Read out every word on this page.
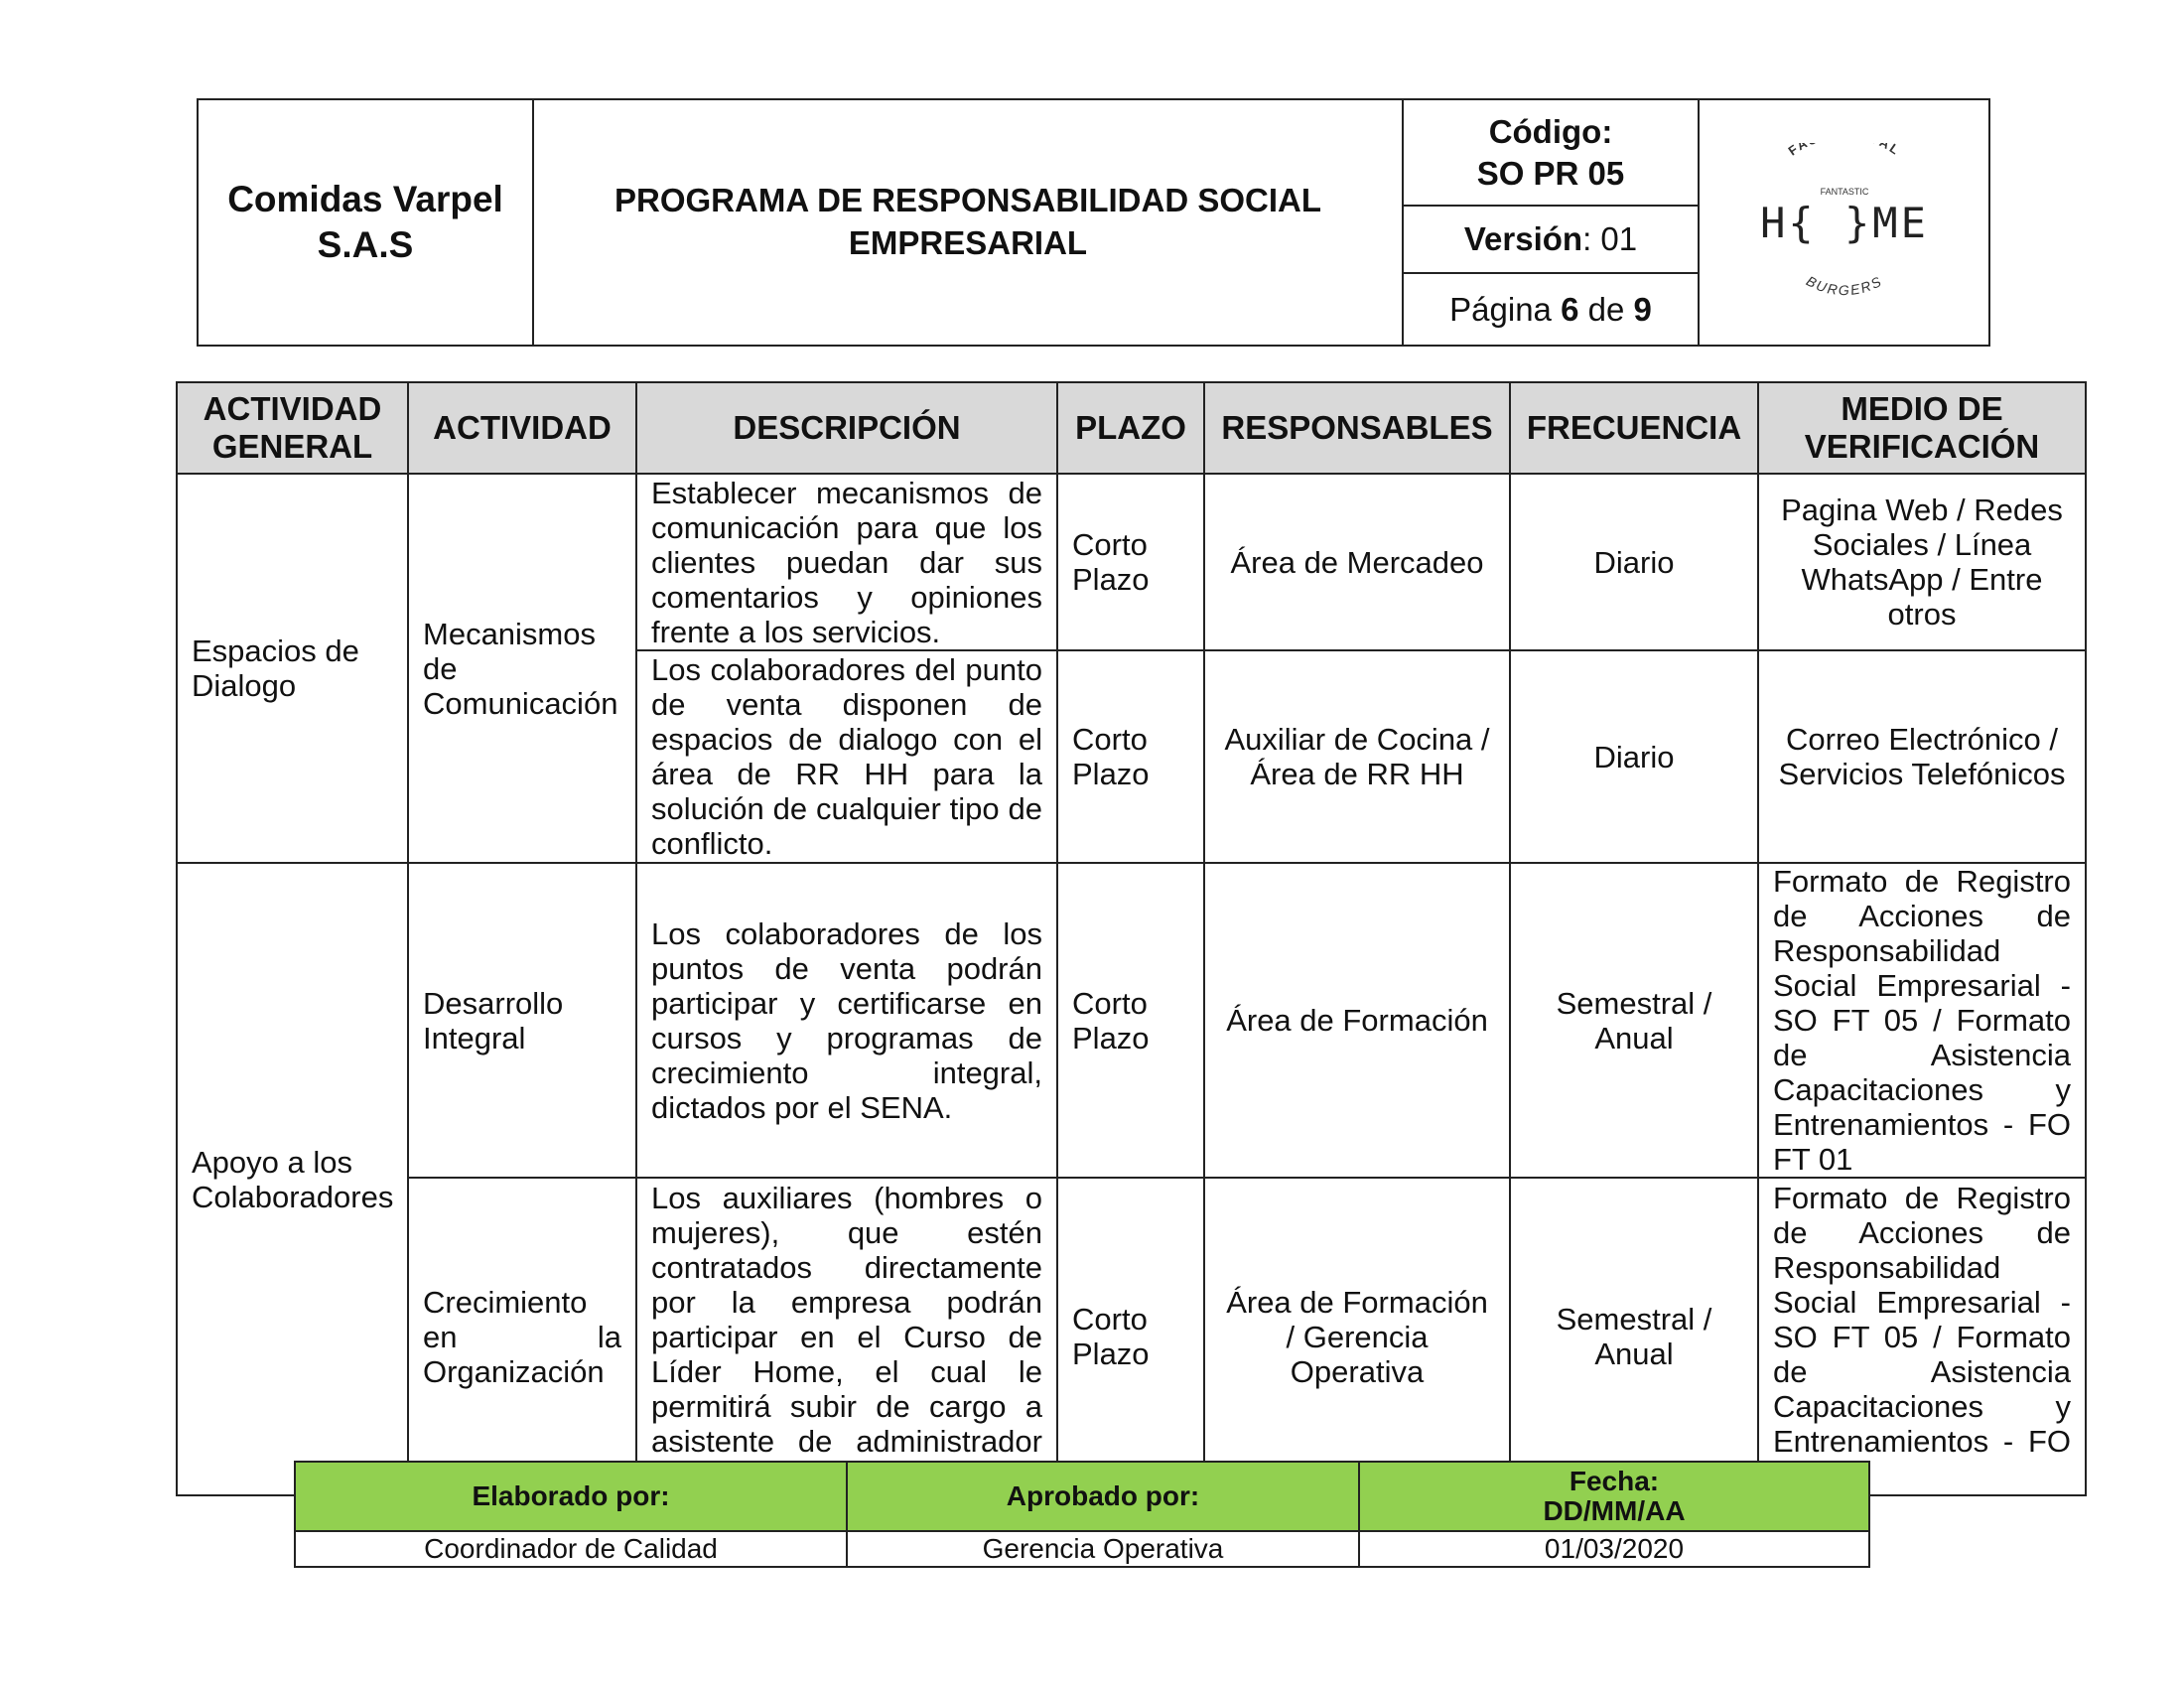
Comidas Varpel
S.A.S	PROGRAMA DE RESPONSABILIDAD SOCIAL
EMPRESARIAL	Código:
SO PR 05	
FA AL
FANTASTIC
H{ }ME
BURGERS

Versión: 01
Página 6 de 9
ACTIVIDAD GENERAL	ACTIVIDAD	DESCRIPCIÓN	PLAZO	RESPONSABLES	FRECUENCIA	MEDIO DE VERIFICACIÓN
Espacios de Dialogo	Mecanismos de Comunicación	Establecer mecanismos de comunicación para que los clientes puedan dar sus comentarios y opiniones frente a los servicios.	Corto Plazo	Área de Mercadeo	Diario	Pagina Web / Redes Sociales / Línea WhatsApp / Entre otros
		Los colaboradores del punto de venta disponen de espacios de dialogo con el área de RR HH para la solución de cualquier tipo de conflicto.	Corto Plazo	Auxiliar de Cocina / Área de RR HH	Diario	Correo Electrónico / Servicios Telefónicos
Apoyo a los Colaboradores	Desarrollo Integral	Los colaboradores de los puntos de venta podrán participar y certificarse en cursos y programas de crecimiento integral, dictados por el SENA.	Corto Plazo	Área de Formación	Semestral / Anual	Formato de Registro de Acciones de Responsabilidad Social Empresarial - SO FT 05 / Formato de Asistencia Capacitaciones y Entrenamientos - FO FT 01
	Crecimiento en la Organización	Los auxiliares (hombres o mujeres), que estén contratados directamente por la empresa podrán participar en el Curso de Líder Home, el cual le permitirá subir de cargo a asistente de administrador	Corto Plazo	Área de Formación / Gerencia Operativa	Semestral / Anual	Formato de Registro de Acciones de Responsabilidad Social Empresarial - SO FT 05 / Formato de Asistencia Capacitaciones y Entrenamientos - FO
Elaborado por:	Aprobado por:	Fecha:
DD/MM/AA
Coordinador de Calidad	Gerencia Operativa	01/03/2020
